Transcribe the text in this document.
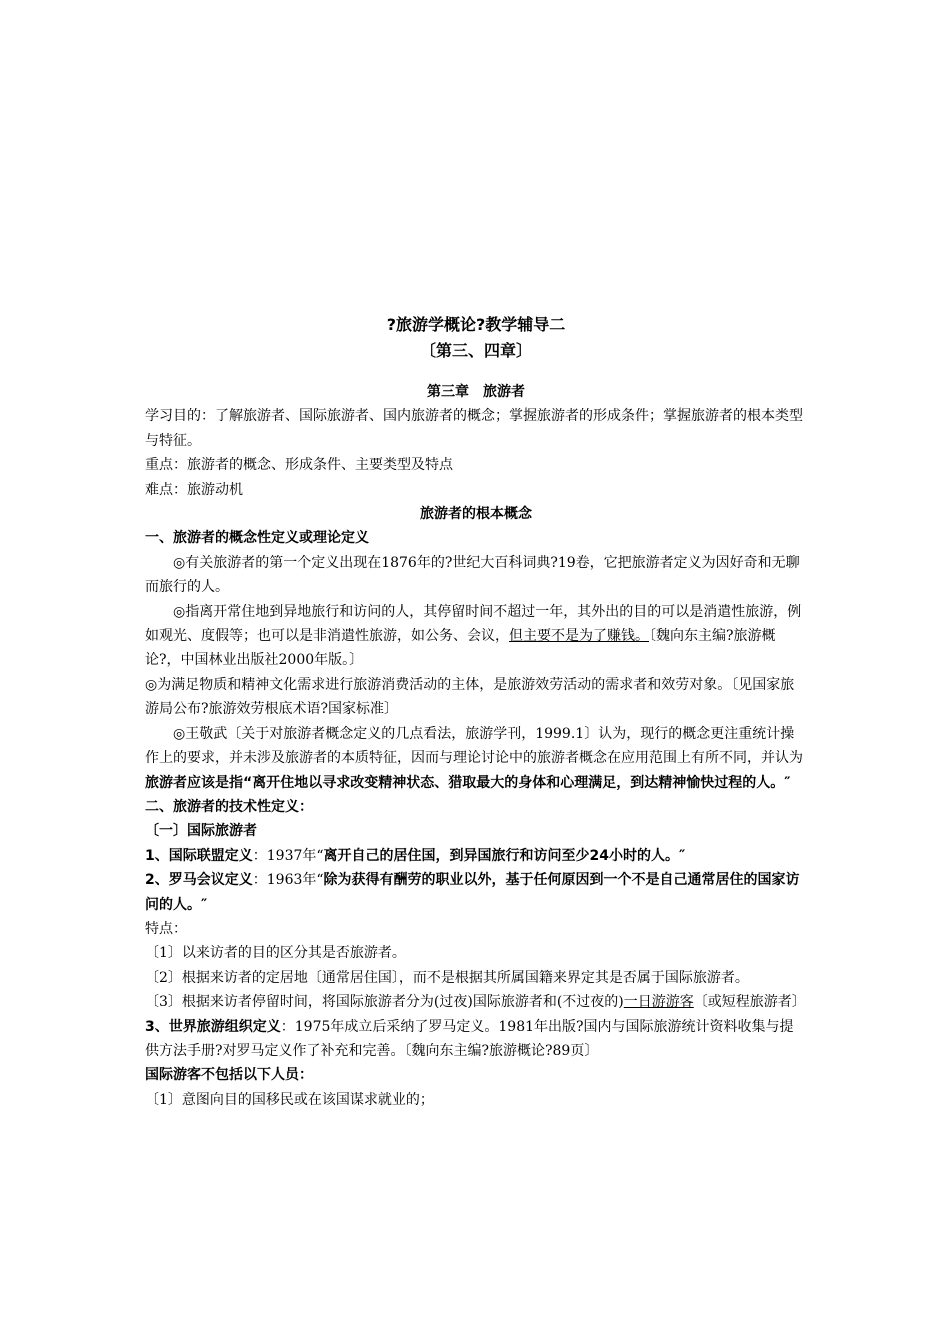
?旅游学概论?教学辅导二

〔第三、四章〕

第三章　旅游者

学习目的：了解旅游者、国际旅游者、国内旅游者的概念；掌握旅游者的形成条件；掌握旅游者的根本类型与特征。

重点：旅游者的概念、形成条件、主要类型及特点

难点：旅游动机

旅游者的根本概念

一、旅游者的概念性定义或理论定义

◎有关旅游者的第一个定义出现在1876年的?世纪大百科词典?19卷，它把旅游者定义为因好奇和无聊而旅行的人。

◎指离开常住地到异地旅行和访问的人，其停留时间不超过一年，其外出的目的可以是消遣性旅游，例如观光、度假等；也可以是非消遣性旅游，如公务、会议，但主要不是为了赚钱。〔魏向东主编?旅游概论?，中国林业出版社2000年版。〕

◎为满足物质和精神文化需求进行旅游消费活动的主体，是旅游效劳活动的需求者和效劳对象。〔见国家旅游局公布?旅游效劳根底术语?国家标准〕

◎王敬武〔关于对旅游者概念定义的几点看法，旅游学刊，1999.1〕认为，现行的概念更注重统计操作上的要求，并未涉及旅游者的本质特征，因而与理论讨论中的旅游者概念在应用范围上有所不同，并认为旅游者应该是指“离开住地以寻求改变精神状态、猎取最大的身体和心理满足，到达精神愉快过程的人。″

二、旅游者的技术性定义：

〔一〕国际旅游者

1、国际联盟定义：1937年“离开自己的居住国，到异国旅行和访问至少24小时的人。″

2、罗马会议定义：1963年“除为获得有酬劳的职业以外，基于任何原因到一个不是自己通常居住的国家访问的人。″

特点：

〔1〕以来访者的目的区分其是否旅游者。

〔2〕根据来访者的定居地〔通常居住国〕，而不是根据其所属国籍来界定其是否属于国际旅游者。

〔3〕根据来访者停留时间，将国际旅游者分为(过夜)国际旅游者和(不过夜的)一日游游客〔或短程旅游者〕

3、世界旅游组织定义：1975年成立后采纳了罗马定义。1981年出版?国内与国际旅游统计资料收集与提供方法手册?对罗马定义作了补充和完善。〔魏向东主编?旅游概论?89页〕

国际游客不包括以下人员：

〔1〕意图向目的国移民或在该国谋求就业的；
